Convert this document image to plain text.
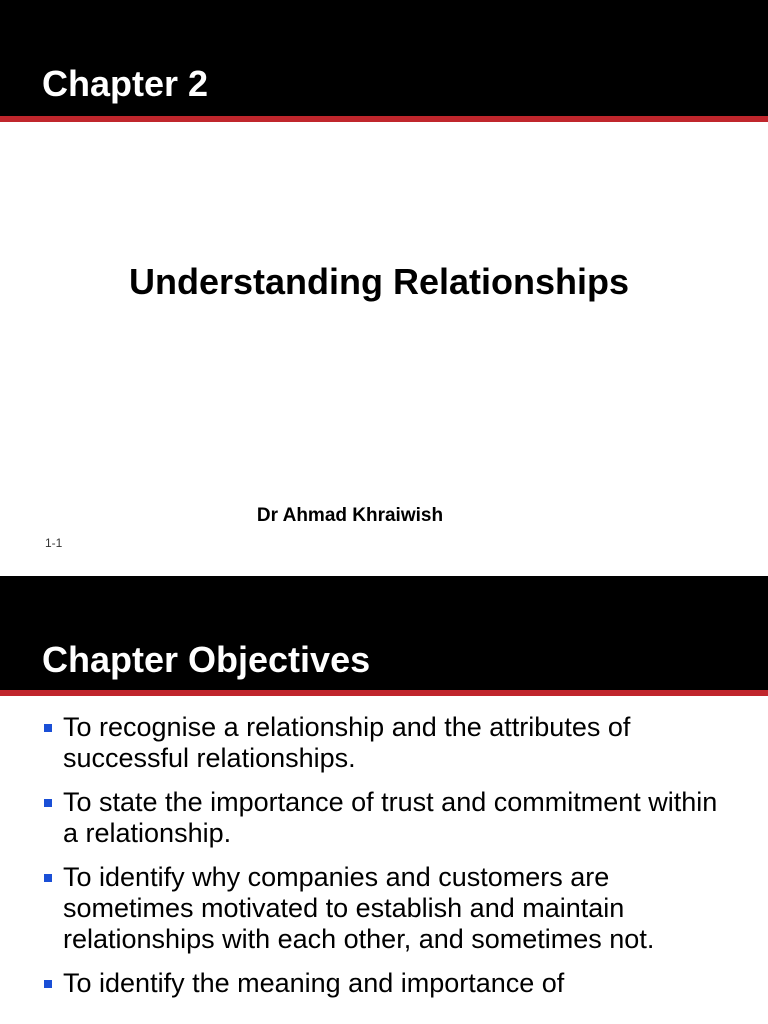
Chapter 2
Understanding Relationships
Dr Ahmad Khraiwish
1-1
Chapter Objectives
To recognise a relationship and the attributes of successful relationships.
To state the importance of trust and commitment within a relationship.
To identify why companies and customers are sometimes motivated to establish and maintain relationships with each other, and sometimes not.
To identify the meaning and importance of
